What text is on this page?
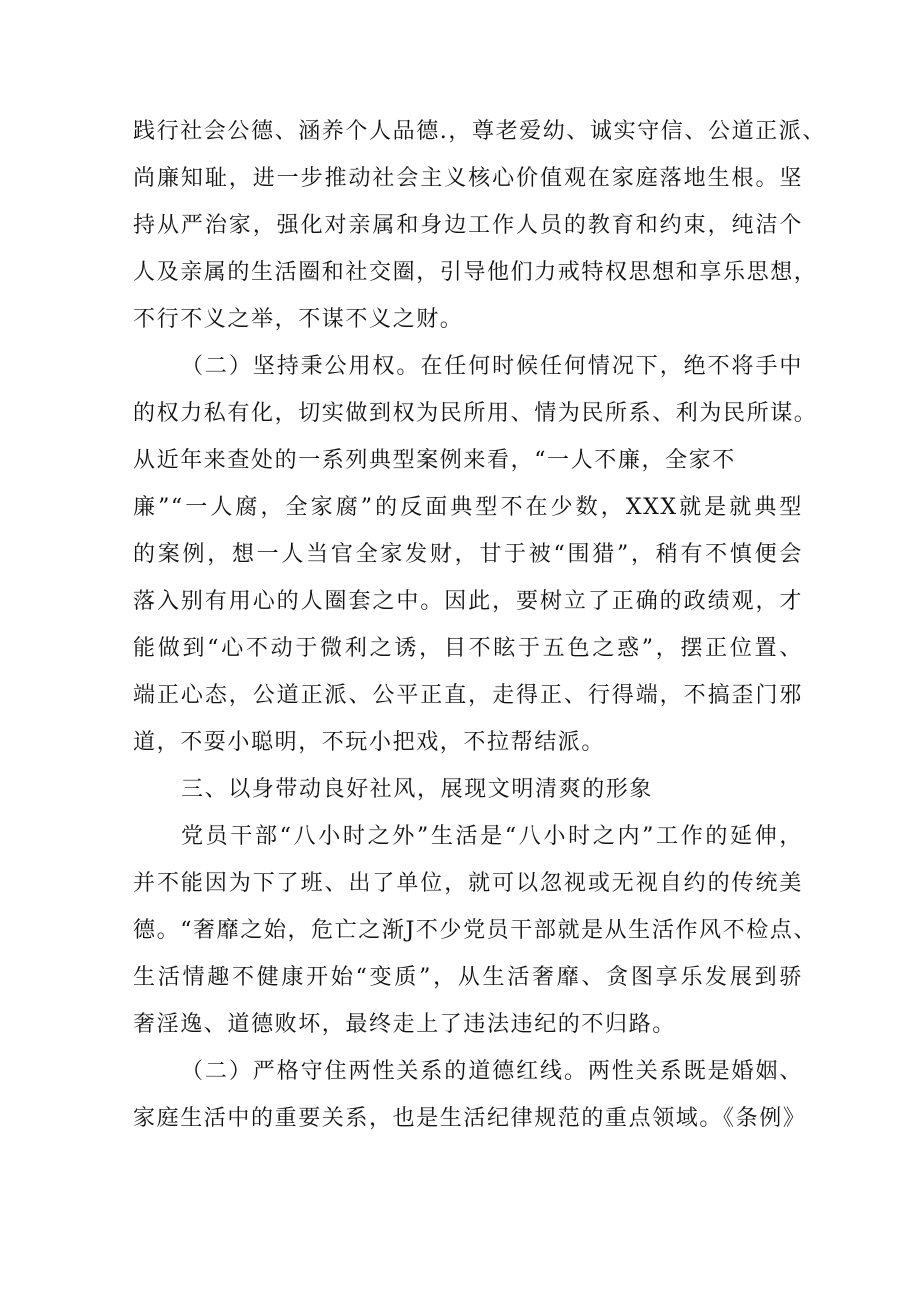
践行社会公德、涵养个人品德.，尊老爱幼、诚实守信、公道正派、
尚廉知耻，进一步推动社会主义核心价值观在家庭落地生根。坚
持从严治家，强化对亲属和身边工作人员的教育和约束，纯洁个
人及亲属的生活圈和社交圈，引导他们力戒特权思想和享乐思想，
不行不义之举，不谋不义之财。
（二）坚持秉公用权。在任何时候任何情况下，绝不将手中
的权力私有化，切实做到权为民所用、情为民所系、利为民所谋。
从近年来查处的一系列典型案例来看，“一人不廉，全家不
廉”“一人腐，全家腐”的反面典型不在少数，XXX就是就典型
的案例，想一人当官全家发财，甘于被“围猎”，稍有不慎便会
落入别有用心的人圈套之中。因此，要树立了正确的政绩观，才
能做到“心不动于微利之诱，目不眩于五色之惑”，摆正位置、
端正心态，公道正派、公平正直，走得正、行得端，不搞歪门邪
道，不耍小聪明，不玩小把戏，不拉帮结派。
三、以身带动良好社风，展现文明清爽的形象
党员干部“八小时之外”生活是“八小时之内”工作的延伸，
并不能因为下了班、出了单位，就可以忽视或无视自约的传统美
德。“奢靡之始，危亡之渐J不少党员干部就是从生活作风不检点、
生活情趣不健康开始“变质”，从生活奢靡、贪图享乐发展到骄
奢淫逸、道德败坏，最终走上了违法违纪的不归路。
（二）严格守住两性关系的道德红线。两性关系既是婚姻、
家庭生活中的重要关系，也是生活纪律规范的重点领域。《条例》
